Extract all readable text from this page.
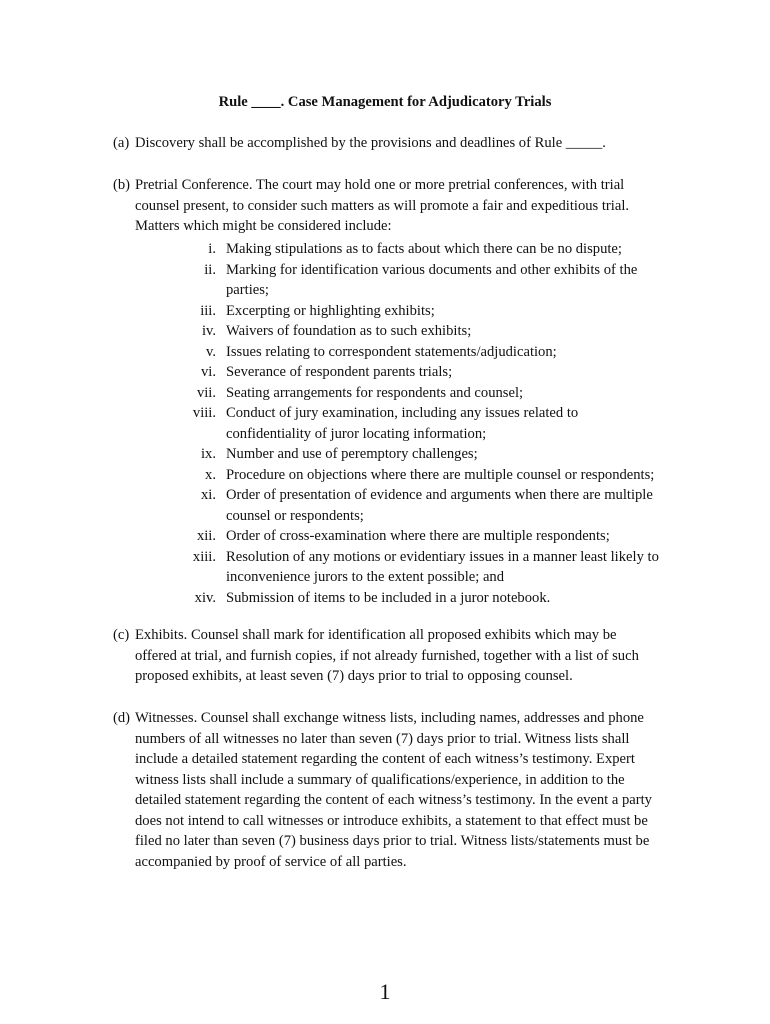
Rule ____. Case Management for Adjudicatory Trials
(a) Discovery shall be accomplished by the provisions and deadlines of Rule _____.
(b) Pretrial Conference. The court may hold one or more pretrial conferences, with trial
counsel present, to consider such matters as will promote a fair and expeditious trial.
Matters which might be considered include:
i. Making stipulations as to facts about which there can be no dispute;
ii. Marking for identification various documents and other exhibits of the
parties;
iii. Excerpting or highlighting exhibits;
iv. Waivers of foundation as to such exhibits;
v. Issues relating to correspondent statements/adjudication;
vi. Severance of respondent parents trials;
vii. Seating arrangements for respondents and counsel;
viii. Conduct of jury examination, including any issues related to
confidentiality of juror locating information;
ix. Number and use of peremptory challenges;
x. Procedure on objections where there are multiple counsel or respondents;
xi. Order of presentation of evidence and arguments when there are multiple
counsel or respondents;
xii. Order of cross-examination where there are multiple respondents;
xiii. Resolution of any motions or evidentiary issues in a manner least likely to
inconvenience jurors to the extent possible; and
xiv. Submission of items to be included in a juror notebook.
(c) Exhibits. Counsel shall mark for identification all proposed exhibits which may be
offered at trial, and furnish copies, if not already furnished, together with a list of such
proposed exhibits, at least seven (7) days prior to trial to opposing counsel.
(d) Witnesses. Counsel shall exchange witness lists, including names, addresses and phone
numbers of all witnesses no later than seven (7) days prior to trial. Witness lists shall
include a detailed statement regarding the content of each witness’s testimony. Expert
witness lists shall include a summary of qualifications/experience, in addition to the
detailed statement regarding the content of each witness’s testimony. In the event a party
does not intend to call witnesses or introduce exhibits, a statement to that effect must be
filed no later than seven (7) business days prior to trial. Witness lists/statements must be
accompanied by proof of service of all parties.
1
